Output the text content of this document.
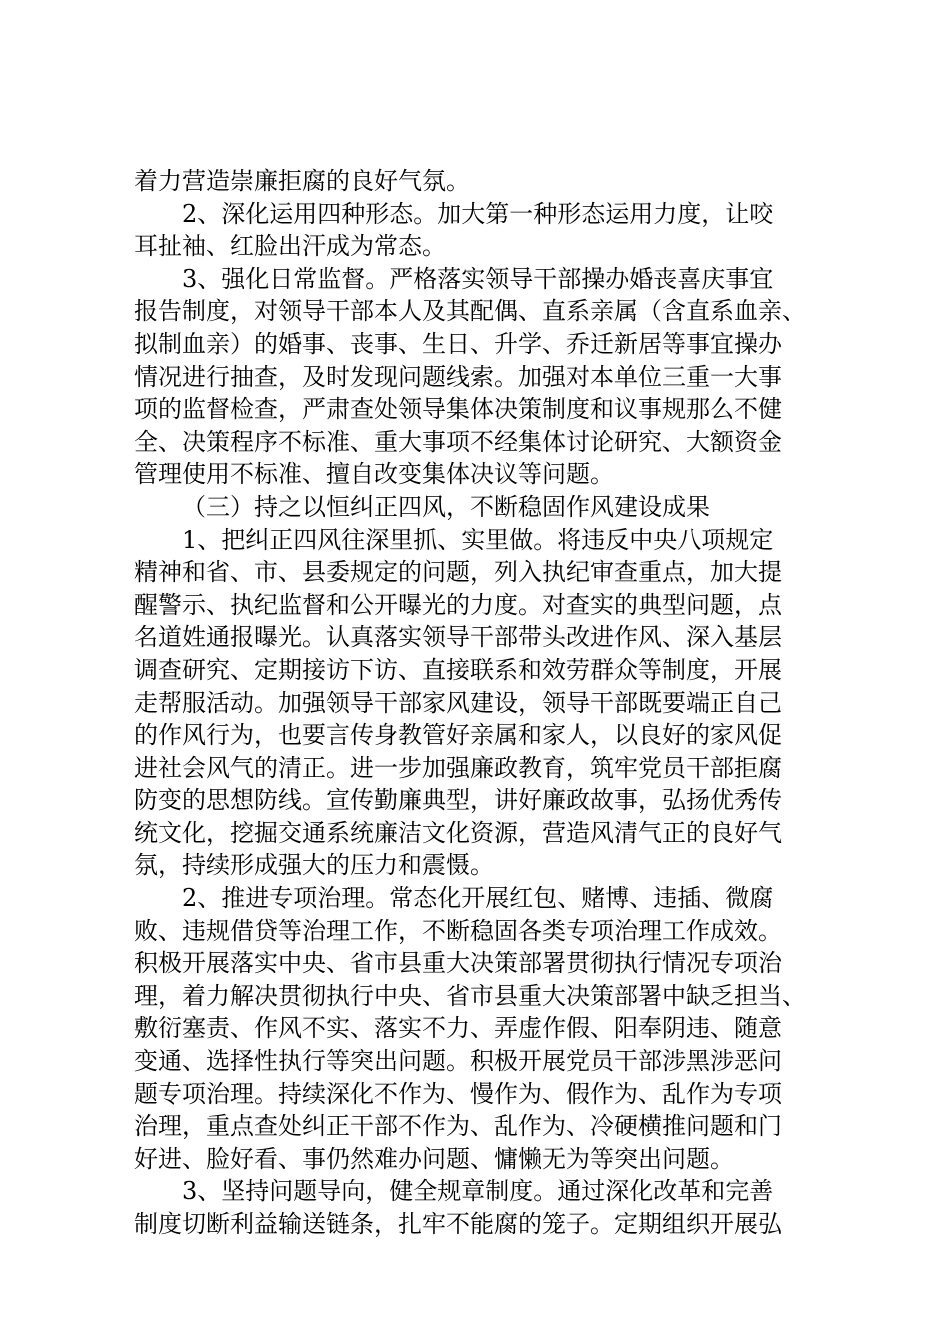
着力营造崇廉拒腐的良好气氛。
2、深化运用四种形态。加大第一种形态运用力度，让咬
耳扯袖、红脸出汗成为常态。
3、强化日常监督。严格落实领导干部操办婚丧喜庆事宜
报告制度，对领导干部本人及其配偶、直系亲属（含直系血亲、
拟制血亲）的婚事、丧事、生日、升学、乔迁新居等事宜操办
情况进行抽查，及时发现问题线索。加强对本单位三重一大事
项的监督检查，严肃查处领导集体决策制度和议事规那么不健
全、决策程序不标准、重大事项不经集体讨论研究、大额资金
管理使用不标准、擅自改变集体决议等问题。
（三）持之以恒纠正四风，不断稳固作风建设成果
1、把纠正四风往深里抓、实里做。将违反中央八项规定
精神和省、市、县委规定的问题，列入执纪审查重点，加大提
醒警示、执纪监督和公开曝光的力度。对查实的典型问题，点
名道姓通报曝光。认真落实领导干部带头改进作风、深入基层
调查研究、定期接访下访、直接联系和效劳群众等制度，开展
走帮服活动。加强领导干部家风建设，领导干部既要端正自己
的作风行为，也要言传身教管好亲属和家人，以良好的家风促
进社会风气的清正。进一步加强廉政教育，筑牢党员干部拒腐
防变的思想防线。宣传勤廉典型，讲好廉政故事，弘扬优秀传
统文化，挖掘交通系统廉洁文化资源，营造风清气正的良好气
氛，持续形成强大的压力和震慑。
2、推进专项治理。常态化开展红包、赌博、违插、微腐
败、违规借贷等治理工作，不断稳固各类专项治理工作成效。
积极开展落实中央、省市县重大决策部署贯彻执行情况专项治
理，着力解决贯彻执行中央、省市县重大决策部署中缺乏担当、
敷衍塞责、作风不实、落实不力、弄虚作假、阳奉阴违、随意
变通、选择性执行等突出问题。积极开展党员干部涉黑涉恶问
题专项治理。持续深化不作为、慢作为、假作为、乱作为专项
治理，重点查处纠正干部不作为、乱作为、冷硬横推问题和门
好进、脸好看、事仍然难办问题、慵懒无为等突出问题。
3、坚持问题导向，健全规章制度。通过深化改革和完善
制度切断利益输送链条，扎牢不能腐的笼子。定期组织开展弘
